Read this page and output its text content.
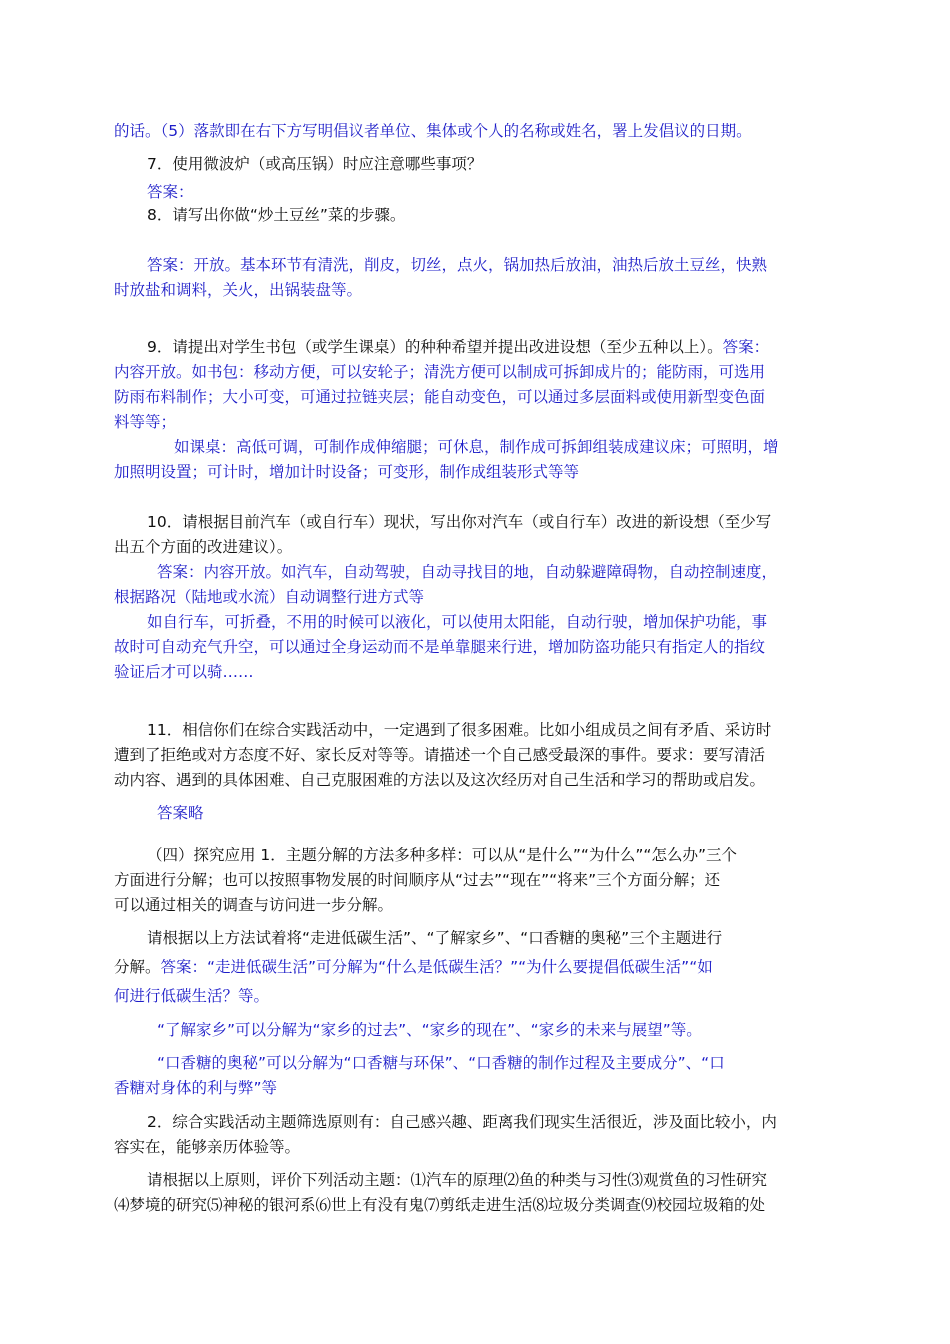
的话。（5）落款即在右下方写明倡议者单位、集体或个人的名称或姓名，署上发倡议的日期。
7．使用微波炉（或高压锅）时应注意哪些事项？
答案：
8．请写出你做“炒土豆丝”菜的步骤。
答案：开放。基本环节有清洗，削皮，切丝，点火，锅加热后放油，油热后放土豆丝，快熟
时放盐和调料，关火，出锅装盘等。
9．请提出对学生书包（或学生课桌）的种种希望并提出改进设想（至少五种以上）。答案：
内容开放。如书包：移动方便，可以安轮子；清洗方便可以制成可拆卸成片的；能防雨，可选用
防雨布料制作；大小可变，可通过拉链夹层；能自动变色，可以通过多层面料或使用新型变色面
料等等；
如课桌：高低可调，可制作成伸缩腿；可休息，制作成可拆卸组装成建议床；可照明，增
加照明设置；可计时，增加计时设备；可变形，制作成组装形式等等
10．请根据目前汽车（或自行车）现状，写出你对汽车（或自行车）改进的新设想（至少写
出五个方面的改进建议）。
答案：内容开放。如汽车，自动驾驶，自动寻找目的地，自动躲避障碍物，自动控制速度，
根据路况（陆地或水流）自动调整行进方式等
如自行车，可折叠，不用的时候可以液化，可以使用太阳能，自动行驶，增加保护功能，事
故时可自动充气升空，可以通过全身运动而不是单靠腿来行进，增加防盗功能只有指定人的指纹
验证后才可以骑……
11．相信你们在综合实践活动中，一定遇到了很多困难。比如小组成员之间有矛盾、采访时
遭到了拒绝或对方态度不好、家长反对等等。请描述一个自己感受最深的事件。要求：要写清活
动内容、遇到的具体困难、自己克服困难的方法以及这次经历对自己生活和学习的帮助或启发。
答案略
（四）探究应用 1．主题分解的方法多种多样：可以从“是什么”“为什么”“怎么办”三个
方面进行分解；也可以按照事物发展的时间顺序从“过去”“现在”“将来”三个方面分解；还
可以通过相关的调查与访问进一步分解。
请根据以上方法试着将“走进低碳生活”、“了解家乡”、“口香糖的奥秘”三个主题进行
分解。答案：“走进低碳生活”可分解为“什么是低碳生活？”“为什么要提倡低碳生活”“如
何进行低碳生活？等。
“了解家乡”可以分解为“家乡的过去”、“家乡的现在”、“家乡的未来与展望”等。
“口香糖的奥秘”可以分解为“口香糖与环保”、“口香糖的制作过程及主要成分”、“口
香糖对身体的利与弊”等
2．综合实践活动主题筛选原则有：自己感兴趣、距离我们现实生活很近，涉及面比较小，内
容实在，能够亲历体验等。
请根据以上原则，评价下列活动主题：⑴汽车的原理⑵鱼的种类与习性⑶观赏鱼的习性研究
⑷梦境的研究⑸神秘的银河系⑹世上有没有鬼⑺剪纸走进生活⑻垃圾分类调查⑼校园垃圾箱的处
